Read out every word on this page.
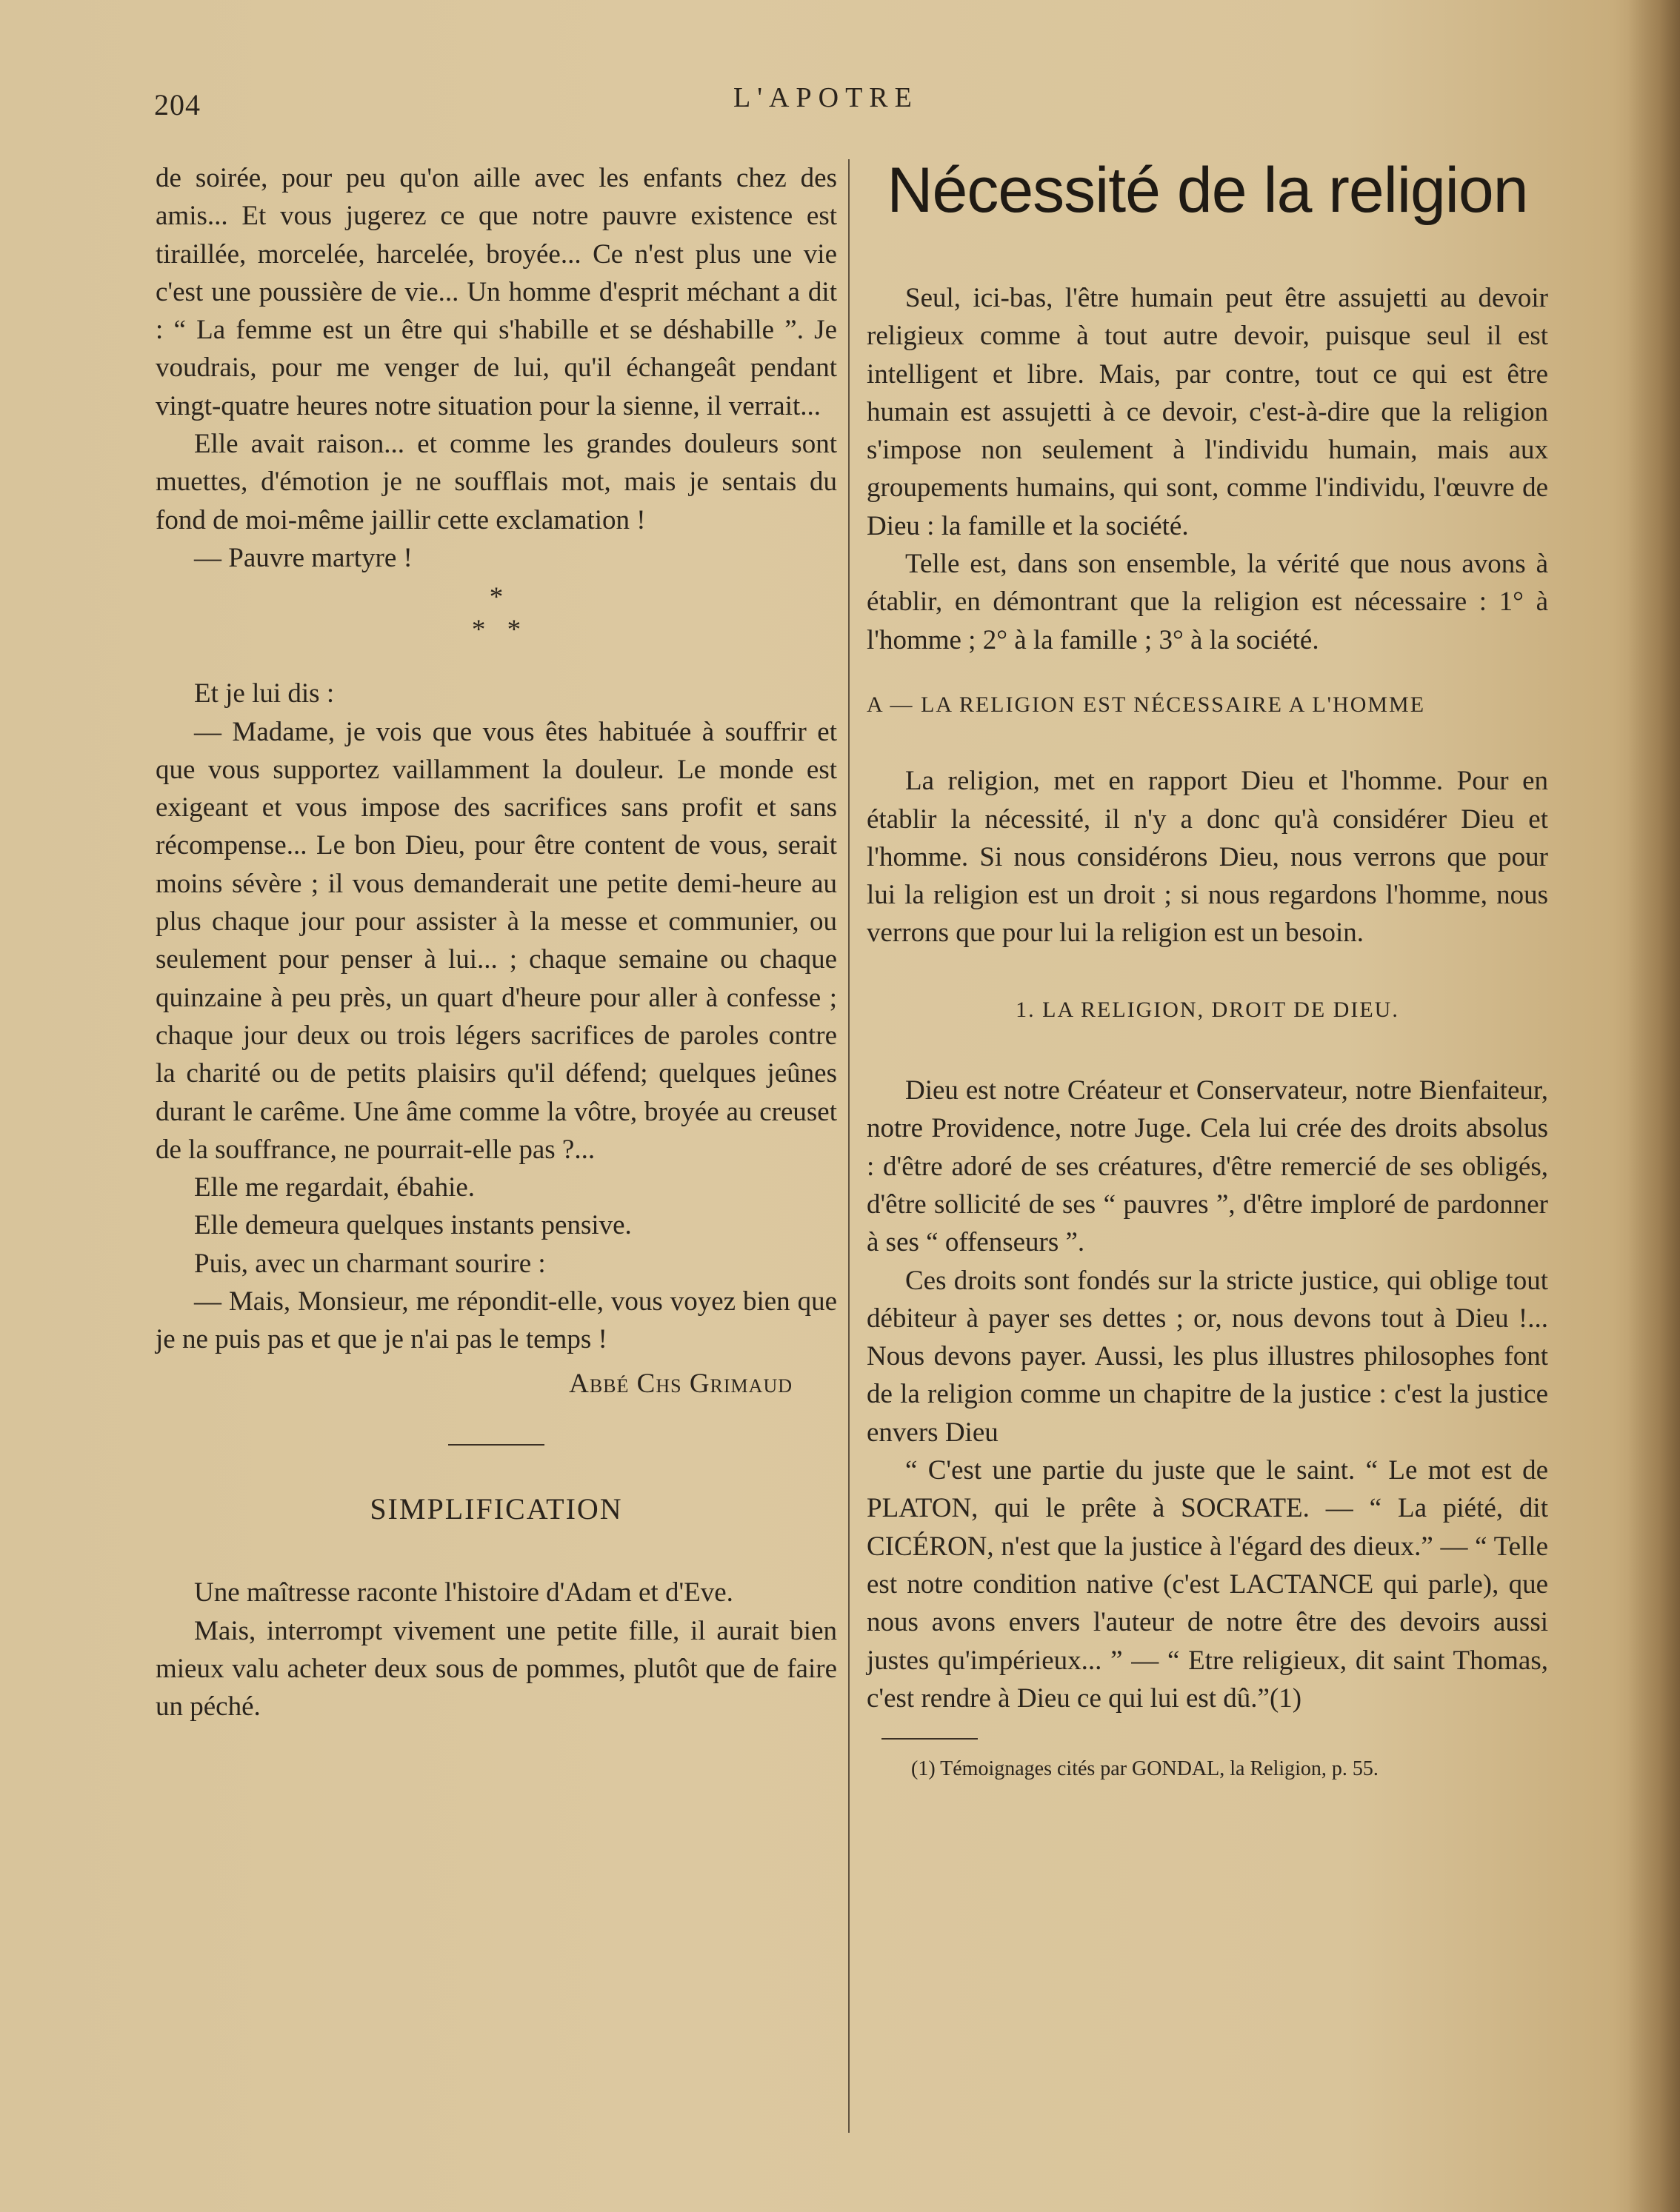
204	L'APOTRE

de soirée, pour peu qu'on aille avec les enfants chez des amis... Et vous jugerez ce que notre pauvre existence est tiraillée, morcelée, harcelée, broyée... Ce n'est plus une vie c'est une poussière de vie... Un homme d'esprit méchant a dit : “ La femme est un être qui s'habille et se déshabille ”. Je voudrais, pour me venger de lui, qu'il échangeât pendant vingt-quatre heures notre situation pour la sienne, il verrait...

Elle avait raison... et comme les grandes douleurs sont muettes, d'émotion je ne soufflais mot, mais je sentais du fond de moi-même jaillir cette exclamation !

— Pauvre martyre !

*
* *

Et je lui dis :

— Madame, je vois que vous êtes habituée à souffrir et que vous supportez vaillamment la douleur. Le monde est exigeant et vous impose des sacrifices sans profit et sans récompense... Le bon Dieu, pour être content de vous, serait moins sévère ; il vous demanderait une petite demi-heure au plus chaque jour pour assister à la messe et communier, ou seulement pour penser à lui... ; chaque semaine ou chaque quinzaine à peu près, un quart d'heure pour aller à confesse ; chaque jour deux ou trois légers sacrifices de paroles contre la charité ou de petits plaisirs qu'il défend; quelques jeûnes durant le carême. Une âme comme la vôtre, broyée au creuset de la souffrance, ne pourrait-elle pas ?...

Elle me regardait, ébahie.

Elle demeura quelques instants pensive.

Puis, avec un charmant sourire :

— Mais, Monsieur, me répondit-elle, vous voyez bien que je ne puis pas et que je n'ai pas le temps !

Abbé Chs Grimaud

SIMPLIFICATION

Une maîtresse raconte l'histoire d'Adam et d'Eve.

Mais, interrompt vivement une petite fille, il aurait bien mieux valu acheter deux sous de pommes, plutôt que de faire un péché.

Nécessité de la religion

Seul, ici-bas, l'être humain peut être assujetti au devoir religieux comme à tout autre devoir, puisque seul il est intelligent et libre. Mais, par contre, tout ce qui est être humain est assujetti à ce devoir, c'est-à-dire que la religion s'impose non seulement à l'individu humain, mais aux groupements humains, qui sont, comme l'individu, l'œuvre de Dieu : la famille et la société.

Telle est, dans son ensemble, la vérité que nous avons à établir, en démontrant que la religion est nécessaire : 1° à l'homme ; 2° à la famille ; 3° à la société.

A — LA RELIGION EST NÉCESSAIRE A L'HOMME

La religion, met en rapport Dieu et l'homme. Pour en établir la nécessité, il n'y a donc qu'à considérer Dieu et l'homme. Si nous considérons Dieu, nous verrons que pour lui la religion est un droit ; si nous regardons l'homme, nous verrons que pour lui la religion est un besoin.

1. LA RELIGION, DROIT DE DIEU.

Dieu est notre Créateur et Conservateur, notre Bienfaiteur, notre Providence, notre Juge. Cela lui crée des droits absolus : d'être adoré de ses créatures, d'être remercié de ses obligés, d'être sollicité de ses “ pauvres ”, d'être imploré de pardonner à ses “ offenseurs ”.

Ces droits sont fondés sur la stricte justice, qui oblige tout débiteur à payer ses dettes ; or, nous devons tout à Dieu !... Nous devons payer. Aussi, les plus illustres philosophes font de la religion comme un chapitre de la justice : c'est la justice envers Dieu

“ C'est une partie du juste que le saint. “ Le mot est de PLATON, qui le prête à SOCRATE. — “ La piété, dit CICÉRON, n'est que la justice à l'égard des dieux.” — “ Telle est notre condition native (c'est LACTANCE qui parle), que nous avons envers l'auteur de notre être des devoirs aussi justes qu'impérieux... ” — “ Etre religieux, dit saint Thomas, c'est rendre à Dieu ce qui lui est dû.”(1)

(1) Témoignages cités par GONDAL, la Religion, p. 55.
